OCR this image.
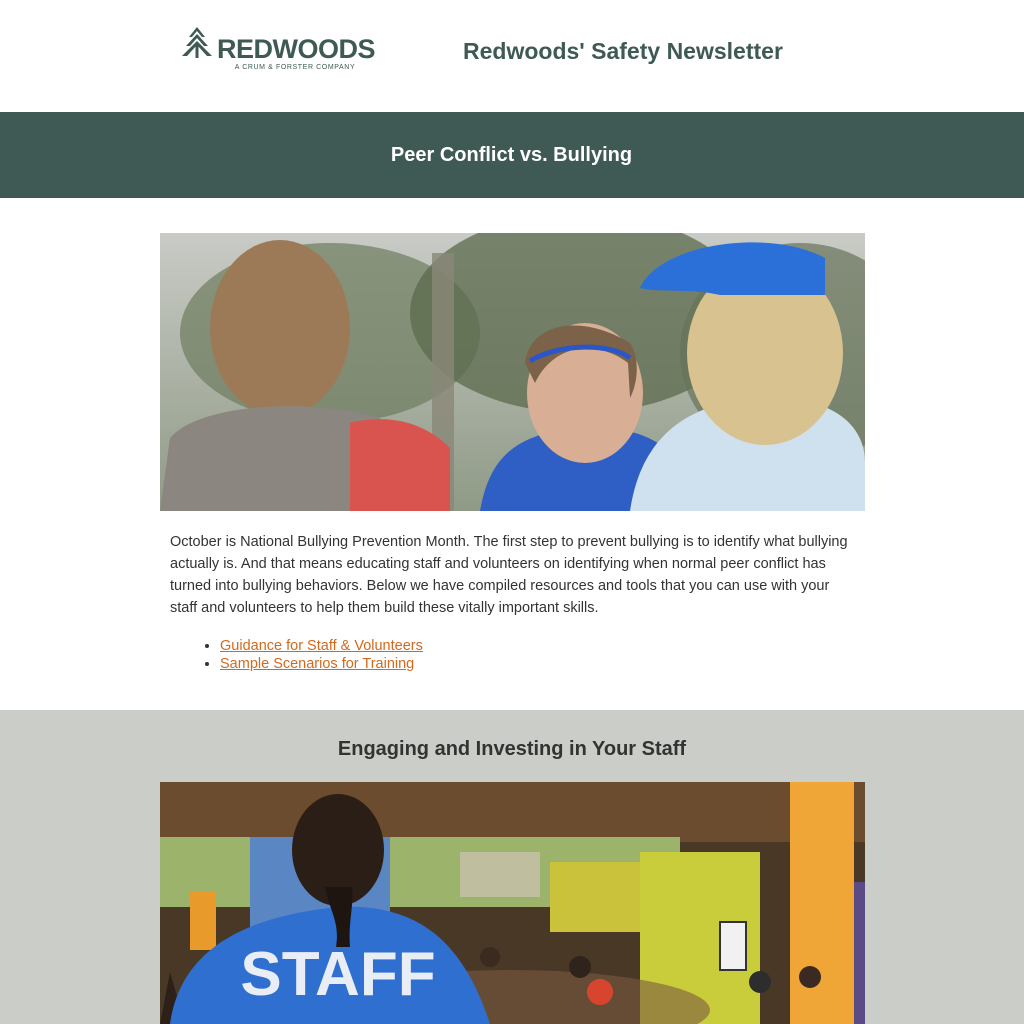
REDWOODS
A CRUM & FORSTER COMPANY
Redwoods' Safety Newsletter
Peer Conflict vs. Bullying

October is National Bullying Prevention Month. The first step to prevent bullying is to identify what bullying actually is. And that means educating staff and volunteers on identifying when normal peer conflict has turned into bullying behaviors. Below we have compiled resources and tools that you can use with your staff and volunteers to help them build these vitally important skills.

• Guidance for Staff & Volunteers
• Sample Scenarios for Training
Engaging and Investing in Your Staff
STAFF
